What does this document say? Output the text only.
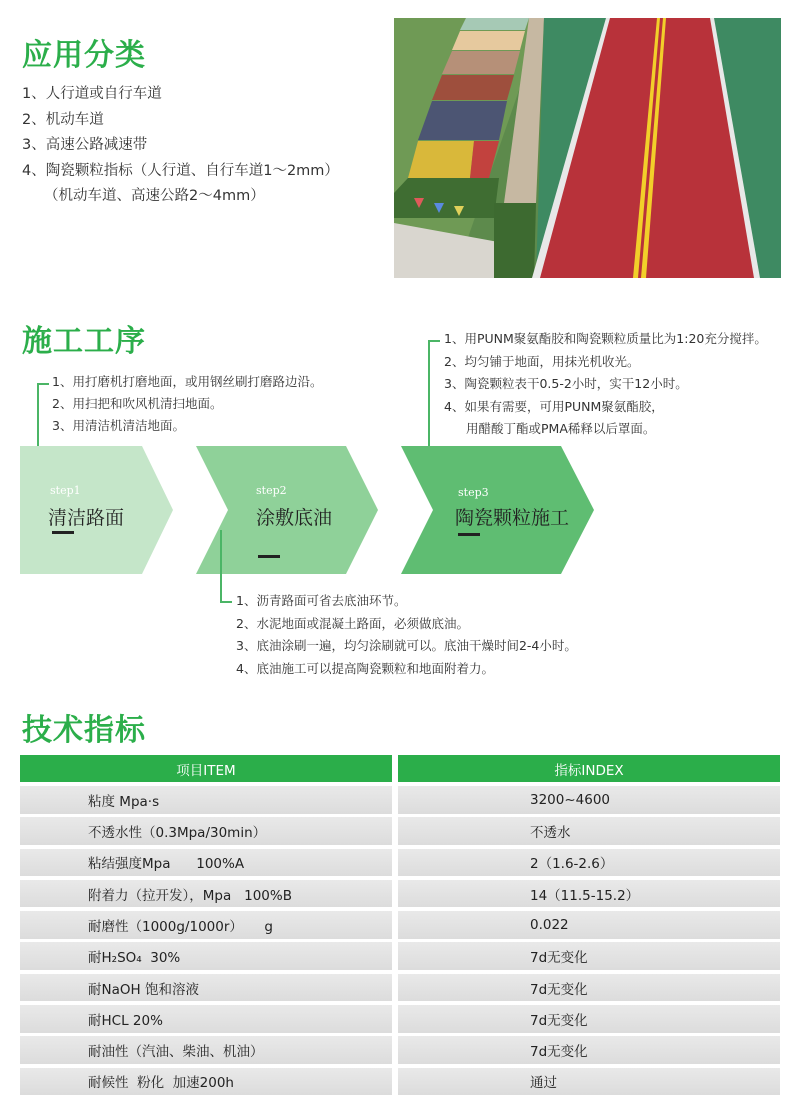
应用分类
1、人行道或自行车道
2、机动车道
3、高速公路减速带
4、陶瓷颗粒指标（人行道、自行车道1～2mm）
（机动车道、高速公路2～4mm）
施工工序
1、用打磨机打磨地面，或用钢丝刷打磨路边沿。
2、用扫把和吹风机清扫地面。
3、用清洁机清洁地面。
1、用PUNM聚氨酯胶和陶瓷颗粒质量比为1:20充分搅拌。
2、均匀铺于地面，用抹光机收光。
3、陶瓷颗粒表干0.5-2小时，实干12小时。
4、如果有需要，可用PUNM聚氨酯胶，
用醋酸丁酯或PMA稀释以后罩面。
step1
清洁路面
step2
涂敷底油
step3
陶瓷颗粒施工
1、沥青路面可省去底油环节。
2、水泥地面或混凝土路面，必须做底油。
3、底油涂刷一遍，均匀涂刷就可以。底油干燥时间2-4小时。
4、底油施工可以提高陶瓷颗粒和地面附着力。
技术指标
项目ITEM	指标INDEX
粘度 Mpa·s	3200~4600
不透水性（0.3Mpa/30min）	不透水
粘结强度Mpa      100%A	2（1.6-2.6）
附着力（拉开发），Mpa   100%B	14（11.5-15.2）
耐磨性（1000g/1000r）     g	0.022
耐H₂SO₄  30%	7d无变化
耐NaOH 饱和溶液	7d无变化
耐HCL 20%	7d无变化
耐油性（汽油、柴油、机油）	7d无变化
耐候性  粉化  加速200h	通过
